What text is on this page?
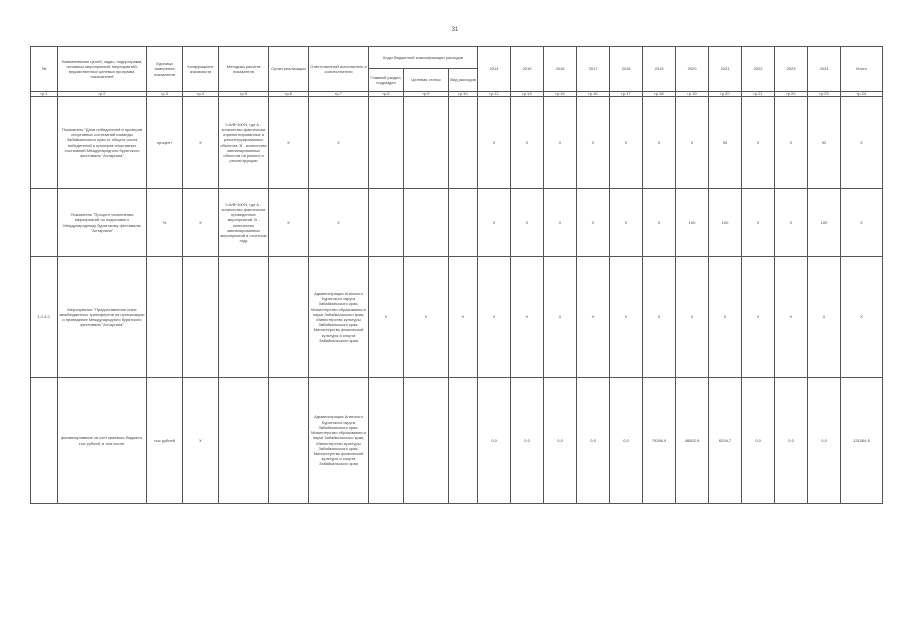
31
№	Наименование целей, задач, подпрограмм, основных мероприятий, мероприятий, ведомственных целевых программ, показателей	Единица измерения показателя	Коэффициент значимости	Методика расчета показателя	Сроки реализации	Ответственный исполнитель и соисполнители	Коды бюджетной классификации расходов			2014	2015	2016	2017	2018	2019	2020	2021	2022	2023	2024	Итого
							Главный раздел, подраздел	Целевая статья	Вид расходов												
гр.1	гр.2	гр.3	гр.4	гр.5	гр.6	гр.7	гр.8	гр.9	гр.10	гр.12	гр.13	гр.15	гр.16	гр.17	гр.18	гр.19	гр.20	гр.21	гр.22	гр.23	гр.24
	Показатель "Доля победителей и призеров спортивных состязаний команды Забайкальского края от общего числа победителей и призеров спортивных состязаний Международного бурятского фестиваля "Алтаргана"	процент	Х	I=A/B*100%, где А - количество фактически отремонтированных и реконструированных объектов, В - количество запланированных объектов на ремонт и реконструкцию	Х	Х				Х	Х	Х	Х	Х	Х	Х	90	Х	Х	92	Х
	Показатель "Процент исполнения мероприятий по подготовке к Международному бурятскому фестивалю "Алтаргана"	%	Х	I=A/B*100%, где А - количество фактически проведенных мероприятий, В - количество запланированных мероприятий в отчетном году	Х	Х				Х	Х	Х	Х	Х	Х	100	100	Х	Х	100	Х
1.2.4.2.	Мероприятие "Предоставление иных межбюджетных трансфертов на организацию и проведение Международного бурятского фестиваля "Алтаргана"					Администрация Агинского Бурятского округа Забайкальского края, Министерство образования и науки Забайкальского края, Министерство культуры Забайкальского края, Министерство физической культуры и спорта Забайкальского края	Х	Х	Х	Х	Х	Х	Х	Х	Х	Х	Х	Х	Х	Х	Х
	финансирование за счет краевого бюджета, тыс рублей, в том числе:	тыс рублей	Х			Администрация Агинского Бурятского округа Забайкальского края, Министерство образования и науки Забайкальского края, Министерство культуры Забайкальского края, Министерство физической культуры и спорта Забайкальского края				0,0	0,0	0,0	0,0	0,0	79266,9	48502,9	6294,7	0,0	0,0	0,0	131064,5
